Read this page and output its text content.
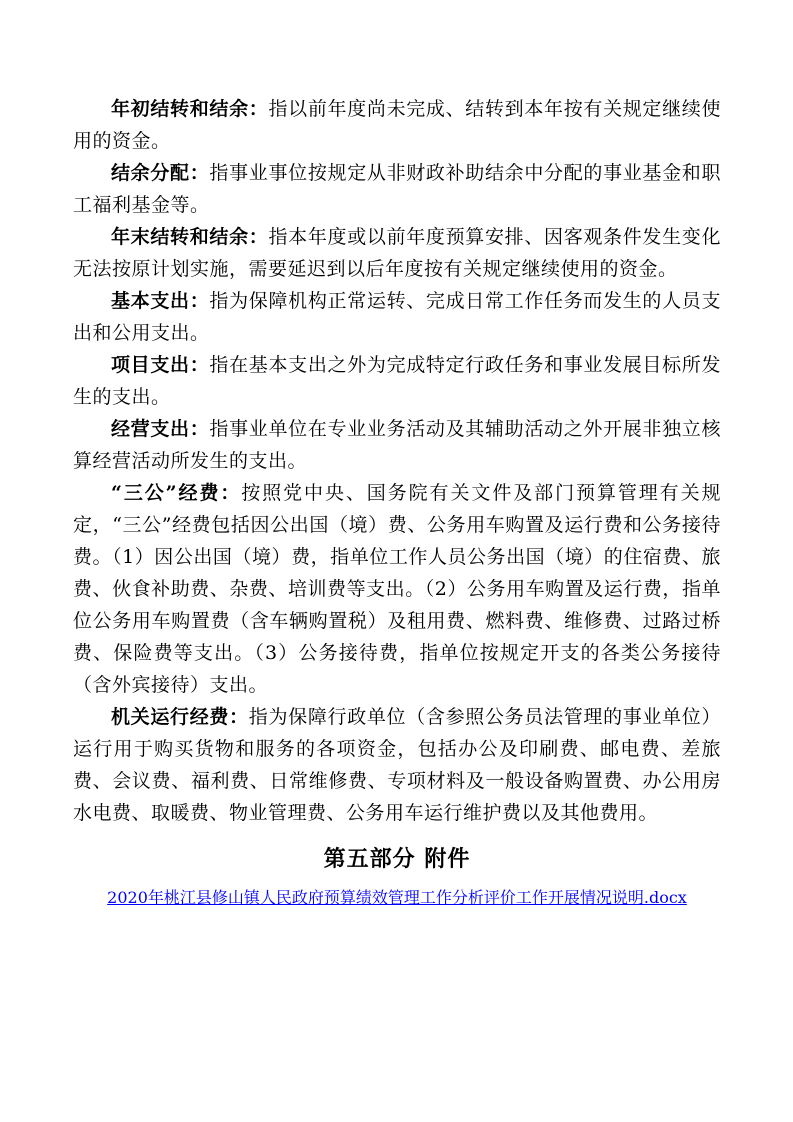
年初结转和结余：指以前年度尚未完成、结转到本年按有关规定继续使用的资金。

结余分配：指事业事位按规定从非财政补助结余中分配的事业基金和职工福利基金等。

年末结转和结余：指本年度或以前年度预算安排、因客观条件发生变化无法按原计划实施，需要延迟到以后年度按有关规定继续使用的资金。

基本支出：指为保障机构正常运转、完成日常工作任务而发生的人员支出和公用支出。

项目支出：指在基本支出之外为完成特定行政任务和事业发展目标所发生的支出。

经营支出：指事业单位在专业业务活动及其辅助活动之外开展非独立核算经营活动所发生的支出。

“三公”经费：按照党中央、国务院有关文件及部门预算管理有关规定，“三公”经费包括因公出国（境）费、公务用车购置及运行费和公务接待费。（1）因公出国（境）费，指单位工作人员公务出国（境）的住宿费、旅费、伙食补助费、杂费、培训费等支出。（2）公务用车购置及运行费，指单位公务用车购置费（含车辆购置税）及租用费、燃料费、维修费、过路过桥费、保险费等支出。（3）公务接待费，指单位按规定开支的各类公务接待（含外宾接待）支出。

机关运行经费：指为保障行政单位（含参照公务员法管理的事业单位）运行用于购买货物和服务的各项资金，包括办公及印刷费、邮电费、差旅费、会议费、福利费、日常维修费、专项材料及一般设备购置费、办公用房水电费、取暖费、物业管理费、公务用车运行维护费以及其他费用。

第五部分 附件

2020年桃江县修山镇人民政府预算绩效管理工作分析评价工作开展情况说明.docx
